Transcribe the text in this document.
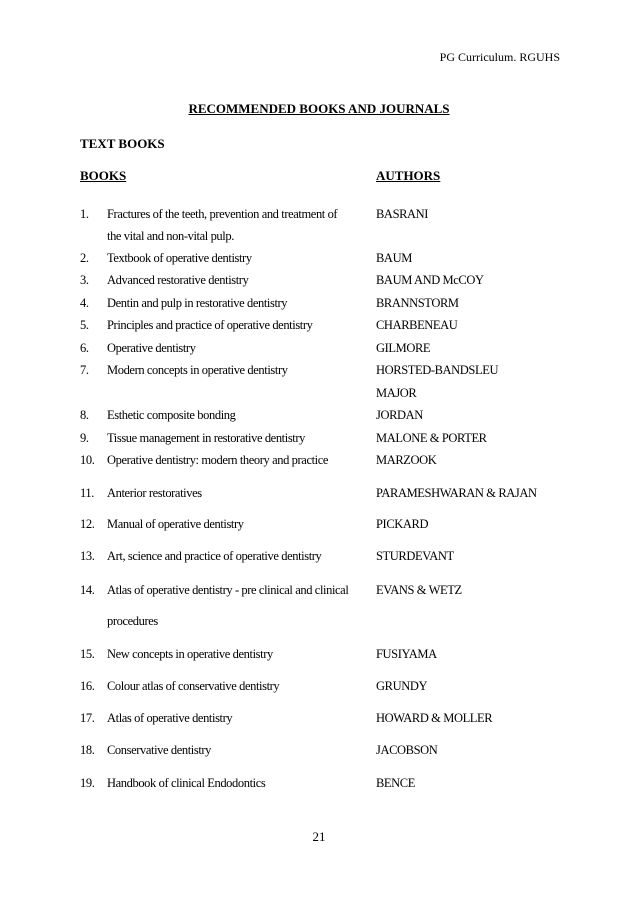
PG Curriculum. RGUHS
RECOMMENDED BOOKS AND JOURNALS
TEXT BOOKS
BOOKS	AUTHORS
1. Fractures of the teeth, prevention and treatment of	BASRANI
the vital and non-vital pulp.
2. Textbook of operative dentistry	BAUM
3. Advanced restorative dentistry	BAUM AND McCOY
4. Dentin and pulp in restorative dentistry	BRANNSTORM
5. Principles and practice of operative dentistry	CHARBENEAU
6. Operative dentistry	GILMORE
7. Modern concepts in operative dentistry	HORSTED-BANDSLEU
MAJOR
8. Esthetic composite bonding	JORDAN
9. Tissue management in restorative dentistry	MALONE & PORTER
10. Operative dentistry: modern theory and practice	MARZOOK
11. Anterior restoratives	PARAMESHWARAN & RAJAN
12. Manual of operative dentistry	PICKARD
13. Art, science and practice of operative dentistry	STURDEVANT
14. Atlas of operative dentistry - pre clinical and clinical	EVANS & WETZ
procedures
15. New concepts in operative dentistry	FUSIYAMA
16. Colour atlas of conservative dentistry	GRUNDY
17. Atlas of operative dentistry	HOWARD & MOLLER
18. Conservative dentistry	JACOBSON
19. Handbook of clinical Endodontics	BENCE
21
